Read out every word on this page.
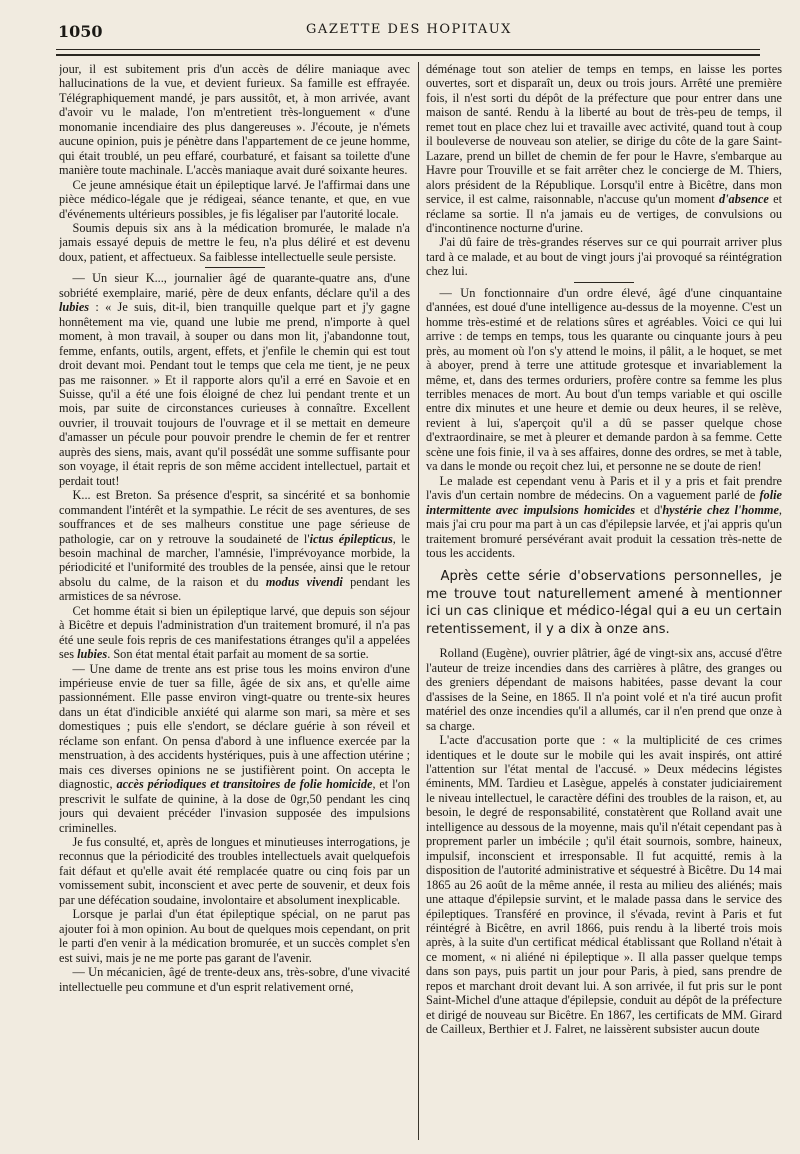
1050	GAZETTE DES HOPITAUX

jour, il est subitement pris d'un accès de délire maniaque avec hallucinations de la vue, et devient furieux. Sa famille est effrayée. Télégraphiquement mandé, je pars aussitôt, et, à mon arrivée, avant d'avoir vu le malade, l'on m'entretient très-longuement « d'une monomanie incendiaire des plus dangereuses ». J'écoute, je n'émets aucune opinion, puis je pénètre dans l'appartement de ce jeune homme, qui était troublé, un peu effaré, courbaturé, et faisant sa toilette d'une manière toute machinale. L'accès maniaque avait duré soixante heures.

Ce jeune amnésique était un épileptique larvé. Je l'affirmai dans une pièce médico-légale que je rédigeai, séance tenante, et que, en vue d'événements ultérieurs possibles, je fis légaliser par l'autorité locale.

Soumis depuis six ans à la médication bromurée, le malade n'a jamais essayé depuis de mettre le feu, n'a plus déliré et est devenu doux, patient, et affectueux. Sa faiblesse intellectuelle seule persiste.

— Un sieur K..., journalier âgé de quarante-quatre ans, d'une sobriété exemplaire, marié, père de deux enfants, déclare qu'il a des lubies : « Je suis, dit-il, bien tranquille quelque part et j'y gagne honnêtement ma vie, quand une lubie me prend, n'importe à quel moment, à mon travail, à souper ou dans mon lit, j'abandonne tout, femme, enfants, outils, argent, effets, et j'enfile le chemin qui est tout droit devant moi. Pendant tout le temps que cela me tient, je ne peux pas me raisonner. » Et il rapporte alors qu'il a erré en Savoie et en Suisse, qu'il a été une fois éloigné de chez lui pendant trente et un mois, par suite de circonstances curieuses à connaître. Excellent ouvrier, il trouvait toujours de l'ouvrage et il se mettait en demeure d'amasser un pécule pour pouvoir prendre le chemin de fer et rentrer auprès des siens, mais, avant qu'il possédât une somme suffisante pour son voyage, il était repris de son même accident intellectuel, partait et perdait tout!

K... est Breton. Sa présence d'esprit, sa sincérité et sa bonhomie commandent l'intérêt et la sympathie. Le récit de ses aventures, de ses souffrances et de ses malheurs constitue une page sérieuse de pathologie, car on y retrouve la soudaineté de l'ictus épilepticus, le besoin machinal de marcher, l'amnésie, l'imprévoyance morbide, la périodicité et l'uniformité des troubles de la pensée, ainsi que le retour absolu du calme, de la raison et du modus vivendi pendant les armistices de sa névrose.

Cet homme était si bien un épileptique larvé, que depuis son séjour à Bicêtre et depuis l'administration d'un traitement bromuré, il n'a pas été une seule fois repris de ces manifestations étranges qu'il a appelées ses lubies. Son état mental était parfait au moment de sa sortie.

— Une dame de trente ans est prise tous les moins environ d'une impérieuse envie de tuer sa fille, âgée de six ans, et qu'elle aime passionnément. Elle passe environ vingt-quatre ou trente-six heures dans un état d'indicible anxiété qui alarme son mari, sa mère et ses domestiques ; puis elle s'endort, se déclare guérie à son réveil et réclame son enfant. On pensa d'abord à une influence exercée par la menstruation, à des accidents hystériques, puis à une affection utérine ; mais ces diverses opinions ne se justifièrent point. On accepta le diagnostic, accès périodiques et transitoires de folie homicide, et l'on prescrivit le sulfate de quinine, à la dose de 0gr,50 pendant les cinq jours qui devaient précéder l'invasion supposée des impulsions criminelles.

Je fus consulté, et, après de longues et minutieuses interrogations, je reconnus que la périodicité des troubles intellectuels avait quelquefois fait défaut et qu'elle avait été remplacée quatre ou cinq fois par un vomissement subit, inconscient et avec perte de souvenir, et deux fois par une défécation soudaine, involontaire et absolument inexplicable.

Lorsque je parlai d'un état épileptique spécial, on ne parut pas ajouter foi à mon opinion. Au bout de quelques mois cependant, on prit le parti d'en venir à la médication bromurée, et un succès complet s'en est suivi, mais je ne me porte pas garant de l'avenir.

— Un mécanicien, âgé de trente-deux ans, très-sobre, d'une vivacité intellectuelle peu commune et d'un esprit relativement orné,

déménage tout son atelier de temps en temps, en laisse les portes ouvertes, sort et disparaît un, deux ou trois jours. Arrêté une première fois, il n'est sorti du dépôt de la préfecture que pour entrer dans une maison de santé. Rendu à la liberté au bout de très-peu de temps, il remet tout en place chez lui et travaille avec activité, quand tout à coup il bouleverse de nouveau son atelier, se dirige du côte de la gare Saint-Lazare, prend un billet de chemin de fer pour le Havre, s'embarque au Havre pour Trouville et se fait arrêter chez le concierge de M. Thiers, alors président de la République. Lorsqu'il entre à Bicêtre, dans mon service, il est calme, raisonnable, n'accuse qu'un moment d'absence et réclame sa sortie. Il n'a jamais eu de vertiges, de convulsions ou d'incontinence nocturne d'urine.

J'ai dû faire de très-grandes réserves sur ce qui pourrait arriver plus tard à ce malade, et au bout de vingt jours j'ai provoqué sa réintégration chez lui.

— Un fonctionnaire d'un ordre élevé, âgé d'une cinquantaine d'années, est doué d'une intelligence au-dessus de la moyenne. C'est un homme très-estimé et de relations sûres et agréables. Voici ce qui lui arrive : de temps en temps, tous les quarante ou cinquante jours à peu près, au moment où l'on s'y attend le moins, il pâlit, a le hoquet, se met à aboyer, prend à terre une attitude grotesque et invariablement la même, et, dans des termes orduriers, profère contre sa femme les plus terribles menaces de mort. Au bout d'un temps variable et qui oscille entre dix minutes et une heure et demie ou deux heures, il se relève, revient à lui, s'aperçoit qu'il a dû se passer quelque chose d'extraordinaire, se met à pleurer et demande pardon à sa femme. Cette scène une fois finie, il va à ses affaires, donne des ordres, se met à table, va dans le monde ou reçoit chez lui, et personne ne se doute de rien!

Le malade est cependant venu à Paris et il y a pris et fait prendre l'avis d'un certain nombre de médecins. On a vaguement parlé de folie intermittente avec impulsions homicides et d'hystérie chez l'homme, mais j'ai cru pour ma part à un cas d'épilepsie larvée, et j'ai appris qu'un traitement bromuré persévérant avait produit la cessation très-nette de tous les accidents.

Après cette série d'observations personnelles, je me trouve tout naturellement amené à mentionner ici un cas clinique et médico-légal qui a eu un certain retentissement, il y a dix à onze ans.

Rolland (Eugène), ouvrier plâtrier, âgé de vingt-six ans, accusé d'être l'auteur de treize incendies dans des carrières à plâtre, des granges ou des greniers dépendant de maisons habitées, passe devant la cour d'assises de la Seine, en 1865. Il n'a point volé et n'a tiré aucun profit matériel des onze incendies qu'il a allumés, car il n'en prend que onze à sa charge.

L'acte d'accusation porte que : « la multiplicité de ces crimes identiques et le doute sur le mobile qui les avait inspirés, ont attiré l'attention sur l'état mental de l'accusé. » Deux médecins légistes éminents, MM. Tardieu et Lasègue, appelés à constater judiciairement le niveau intellectuel, le caractère défini des troubles de la raison, et, au besoin, le degré de responsabilité, constatèrent que Rolland avait une intelligence au dessous de la moyenne, mais qu'il n'était cependant pas à proprement parler un imbécile ; qu'il était sournois, sombre, haineux, impulsif, inconscient et irresponsable. Il fut acquitté, remis à la disposition de l'autorité administrative et séquestré à Bicêtre. Du 14 mai 1865 au 26 août de la même année, il resta au milieu des aliénés; mais une attaque d'épilepsie survint, et le malade passa dans le service des épileptiques. Transféré en province, il s'évada, revint à Paris et fut réintégré à Bicêtre, en avril 1866, puis rendu à la liberté trois mois après, à la suite d'un certificat médical établissant que Rolland n'était à ce moment, « ni aliéné ni épileptique ». Il alla passer quelque temps dans son pays, puis partit un jour pour Paris, à pied, sans prendre de repos et marchant droit devant lui. A son arrivée, il fut pris sur le pont Saint-Michel d'une attaque d'épilepsie, conduit au dépôt de la préfecture et dirigé de nouveau sur Bicêtre. En 1867, les certificats de MM. Girard de Cailleux, Berthier et J. Falret, ne laissèrent subsister aucun doute
